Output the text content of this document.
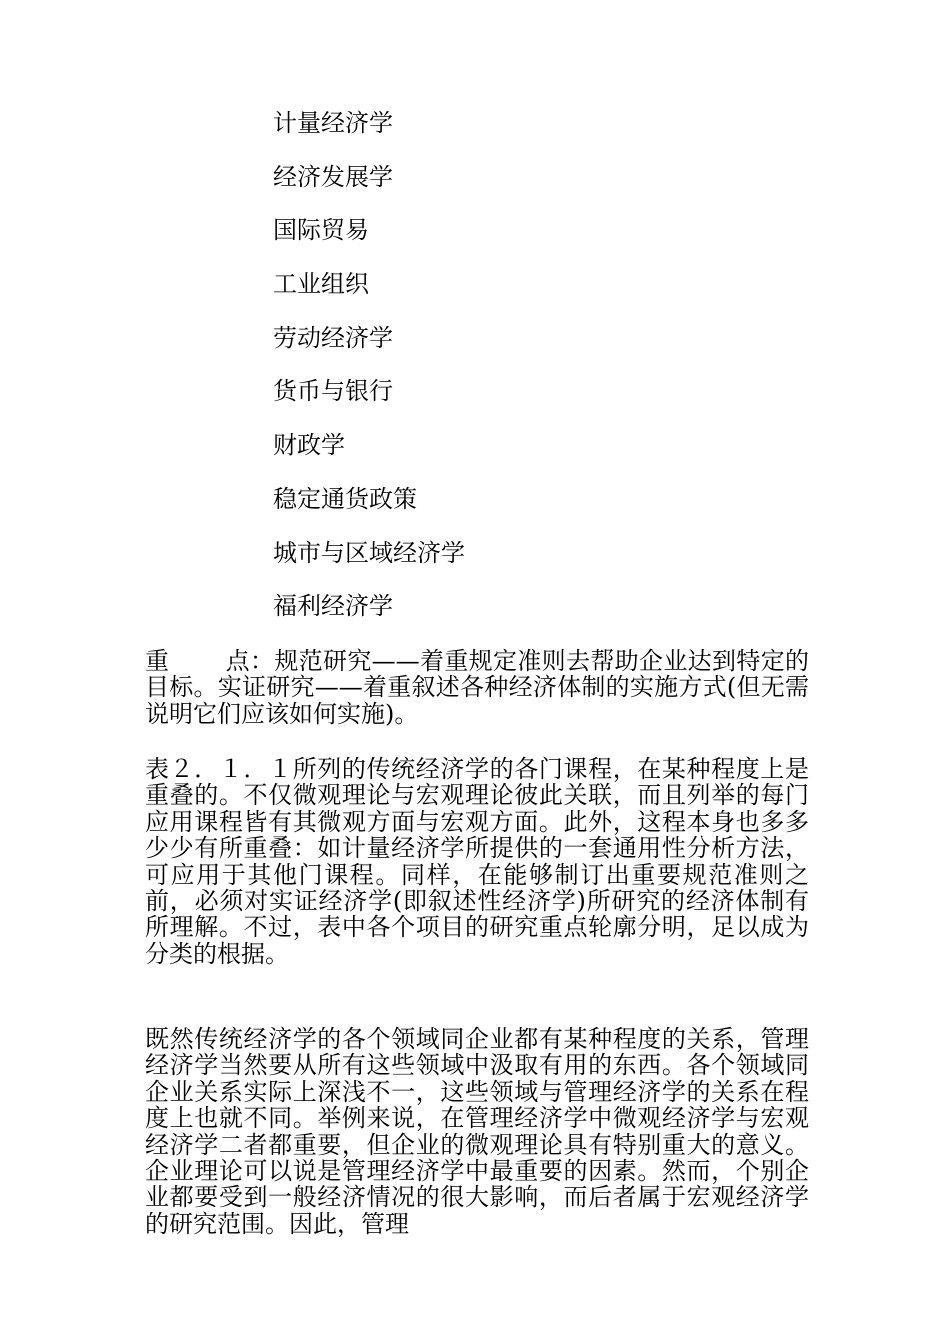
计量经济学
经济发展学
国际贸易
工业组织
劳动经济学
货币与银行
财政学
稳定通货政策
城市与区域经济学
福利经济学

重 点：规范研究——着重规定准则去帮助企业达到特定的目标。实证研究——着重叙述各种经济体制的实施方式(但无需说明它们应该如何实施)。

表２．１．１所列的传统经济学的各门课程，在某种程度上是重叠的。不仅微观理论与宏观理论彼此关联，而且列举的每门应用课程皆有其微观方面与宏观方面。此外，这程本身也多多少少有所重叠：如计量经济学所提供的一套通用性分析方法，可应用于其他门课程。同样，在能够制订出重要规范准则之前，必须对实证经济学(即叙述性经济学)所研究的经济体制有所理解。不过，表中各个项目的研究重点轮廓分明，足以成为分类的根据。

既然传统经济学的各个领域同企业都有某种程度的关系，管理经济学当然要从所有这些领域中汲取有用的东西。各个领域同企业关系实际上深浅不一，这些领域与管理经济学的关系在程度上也就不同。举例来说，在管理经济学中微观经济学与宏观经济学二者都重要，但企业的微观理论具有特别重大的意义。企业理论可以说是管理经济学中最重要的因素。然而，个别企业都要受到一般经济情况的很大影响，而后者属于宏观经济学的研究范围。因此，管理
